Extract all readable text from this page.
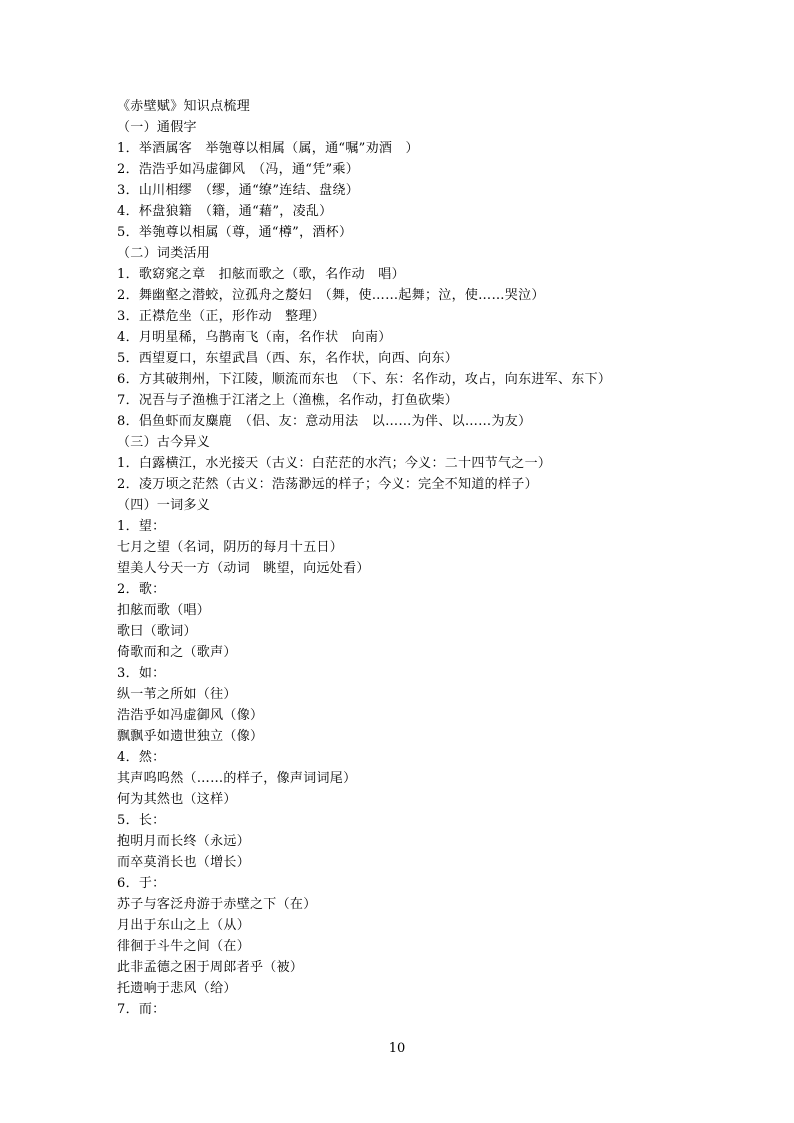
《赤壁赋》知识点梳理
（一）通假字
1．举酒属客　举匏尊以相属（属，通“嘱”劝酒　）
2．浩浩乎如冯虚御风　（冯，通“凭”乘）
3．山川相缪　（缪，通“缭”连结、盘绕）
4．杯盘狼籍　（籍，通“藉”，凌乱）
5．举匏尊以相属（尊，通“樽”，酒杯）
（二）词类活用
1．歌窈窕之章　扣舷而歌之（歌，名作动　唱）
2．舞幽壑之潜蛟，泣孤舟之嫠妇　（舞，使……起舞；泣，使……哭泣）
3．正襟危坐（正，形作动　整理）
4．月明星稀，乌鹊南飞（南，名作状　向南）
5．西望夏口，东望武昌（西、东，名作状，向西、向东）
6．方其破荆州，下江陵，顺流而东也　（下、东：名作动，攻占，向东进军、东下）
7．况吾与子渔樵于江渚之上（渔樵，名作动，打鱼砍柴）
8．侣鱼虾而友麋鹿　（侣、友：意动用法　以……为伴、以……为友）
（三）古今异义
1．白露横江，水光接天（古义：白茫茫的水汽；今义：二十四节气之一）
2．凌万顷之茫然（古义：浩荡渺远的样子；今义：完全不知道的样子）
（四）一词多义
1．望：
七月之望（名词，阴历的每月十五日）
望美人兮天一方（动词　眺望，向远处看）
2．歌：
扣舷而歌（唱）
歌曰（歌词）
倚歌而和之（歌声）
3．如：
纵一苇之所如（往）
浩浩乎如冯虚御风（像）
飘飘乎如遗世独立（像）
4．然：
其声呜呜然（……的样子，像声词词尾）
何为其然也（这样）
5．长：
抱明月而长终（永远）
而卒莫消长也（增长）
6．于：
苏子与客泛舟游于赤壁之下（在）
月出于东山之上（从）
徘徊于斗牛之间（在）
此非孟德之困于周郎者乎（被）
托遗响于悲风（给）
7．而：
10
